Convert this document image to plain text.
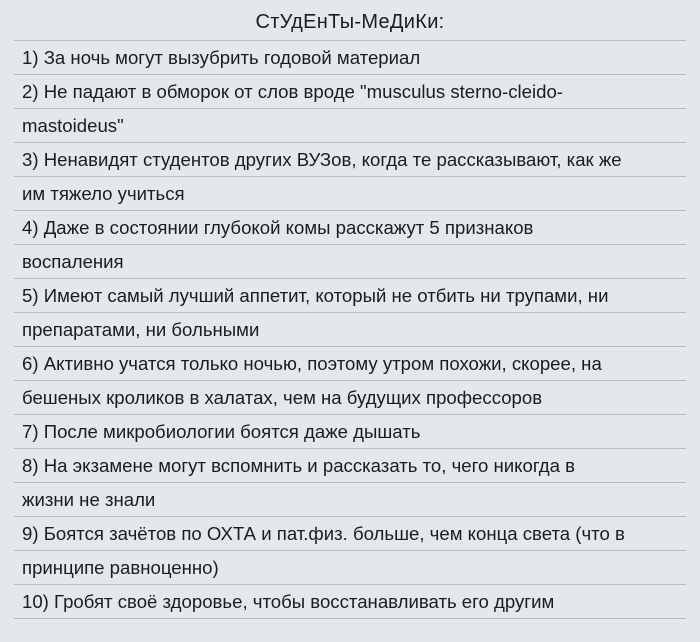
СтУдЕнТы-МеДиКи:
1) За ночь могут вызубрить годовой материал
2) Не падают в обморок от слов вроде "musculus sterno-cleido-
mastoideus"
3) Ненавидят студентов других ВУЗов, когда те рассказывают, как же
им тяжело учиться
4) Даже в состоянии глубокой комы расскажут 5 признаков
воспаления
5) Имеют самый лучший аппетит, который не отбить ни трупами, ни
препаратами, ни больными
6) Активно учатся только ночью, поэтому утром похожи, скорее, на
бешеных кроликов в халатах, чем на будущих профессоров
7) После микробиологии боятся даже дышать
8) На экзамене могут вспомнить и рассказать то, чего никогда в
жизни не знали
9) Боятся зачётов по ОХТА и пат.физ. больше, чем конца света (что в
принципе равноценно)
10) Гробят своё здоровье, чтобы восстанавливать его другим
